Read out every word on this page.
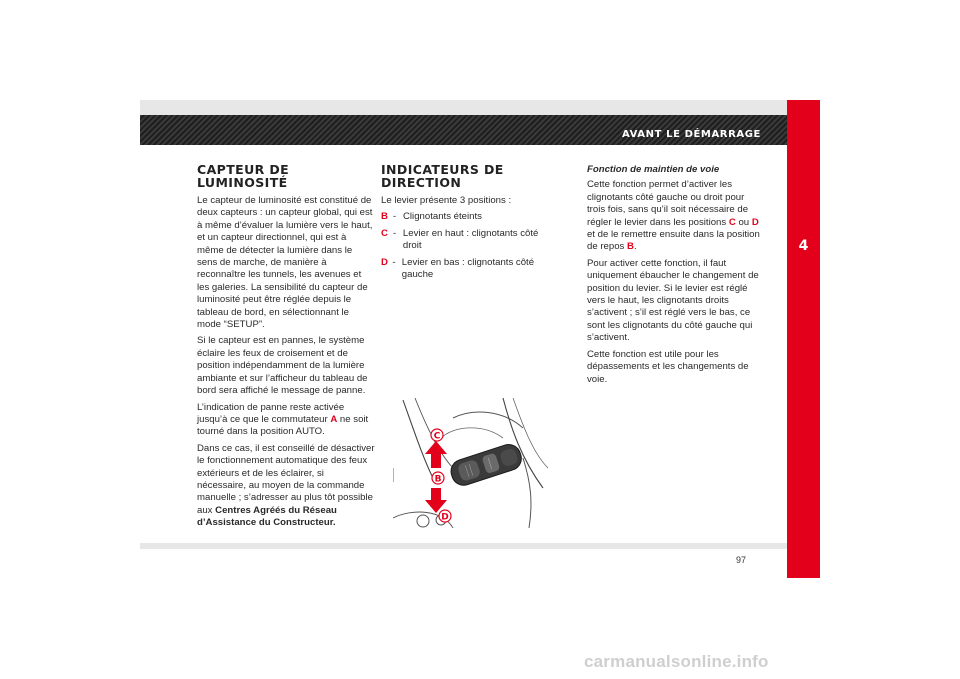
AVANT LE DÉMARRAGE
4
CAPTEUR DE
LUMINOSITÉ

Le capteur de luminosité est constitué de deux capteurs : un capteur global, qui est à même d’évaluer la lumière vers le haut, et un capteur directionnel, qui est à même de détecter la lumière dans le sens de marche, de manière à reconnaître les tunnels, les avenues et les galeries. La sensibilité du capteur de luminosité peut être réglée depuis le tableau de bord, en sélectionnant le mode “SETUP”.

Si le capteur est en pannes, le système éclaire les feux de croisement et de position indépendamment de la lumière ambiante et sur l’afficheur du tableau de bord sera affiché le message de panne.

L’indication de panne reste activée jusqu’à ce que le commutateur A ne soit tourné dans la position AUTO.

Dans ce cas, il est conseillé de désactiver le fonctionnement automatique des feux extérieurs et de les éclairer, si nécessaire, au moyen de la commande manuelle ; s’adresser au plus tôt possible aux Centres Agréés du Réseau d’Assistance du Constructeur.

INDICATEURS DE
DIRECTION

Le levier présente 3 positions :

B - Clignotants éteints
C - Levier en haut : clignotants côté droit
D - Levier en bas : clignotants côté gauche
C
B
D

Fonction de maintien de voie

Cette fonction permet d’activer les clignotants côté gauche ou droit pour trois fois, sans qu’il soit nécessaire de régler le levier dans les positions C ou D et de le remettre ensuite dans la position de repos B.

Pour activer cette fonction, il faut uniquement ébaucher le changement de position du levier. Si le levier est réglé vers le haut, les clignotants droits s’activent ; s’il est réglé vers le bas, ce sont les clignotants du côté gauche qui s’activent.

Cette fonction est utile pour les dépassements et les changements de voie.

97
carmanualsonline.info
